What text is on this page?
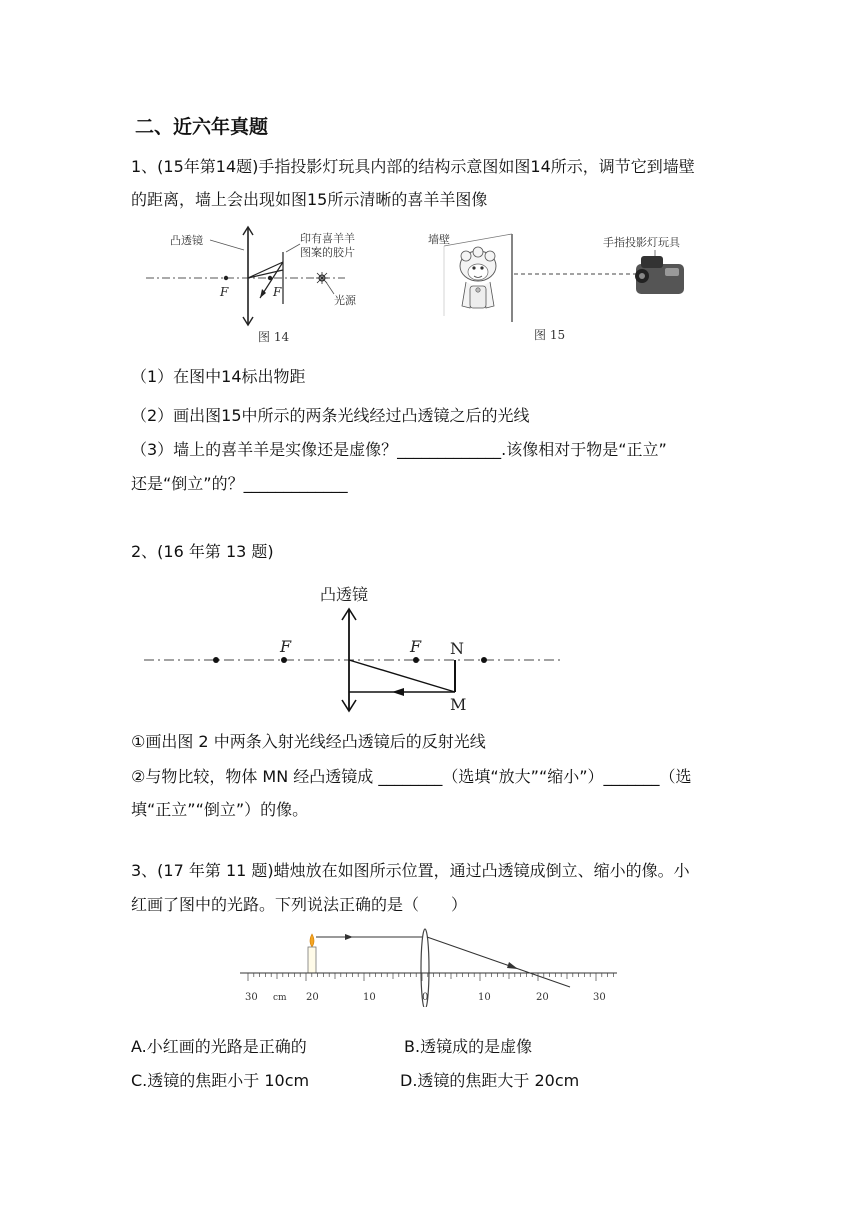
二、近六年真题
1、(15年第14题)手指投影灯玩具内部的结构示意图如图14所示，调节它到墙壁
的距离，墙上会出现如图15所示清晰的喜羊羊图像
凸透镜	印有喜羊羊
图案的胶片
F	F
光源
图 14
墙壁	手指投影灯玩具
图 15
（1）在图中14标出物距
（2）画出图15中所示的两条光线经过凸透镜之后的光线
（3）墙上的喜羊羊是实像还是虚像？_____________.该像相对于物是“正立”
还是“倒立”的？_____________
2、(16 年第 13 题)
凸透镜
F	F N
M
①画出图 2 中两条入射光线经凸透镜后的反射光线
②与物比较，物体 MN 经凸透镜成 ________（选填“放大”“缩小”）_______（选
填“正立”“倒立”）的像。
3、(17 年第 11 题)蜡烛放在如图所示位置，通过凸透镜成倒立、缩小的像。小
红画了图中的光路。下列说法正确的是（　　）
30 cm 20	10	0	10	20	30
A.小红画的光路是正确的	B.透镜成的是虚像
C.透镜的焦距小于 10cm	D.透镜的焦距大于 20cm
